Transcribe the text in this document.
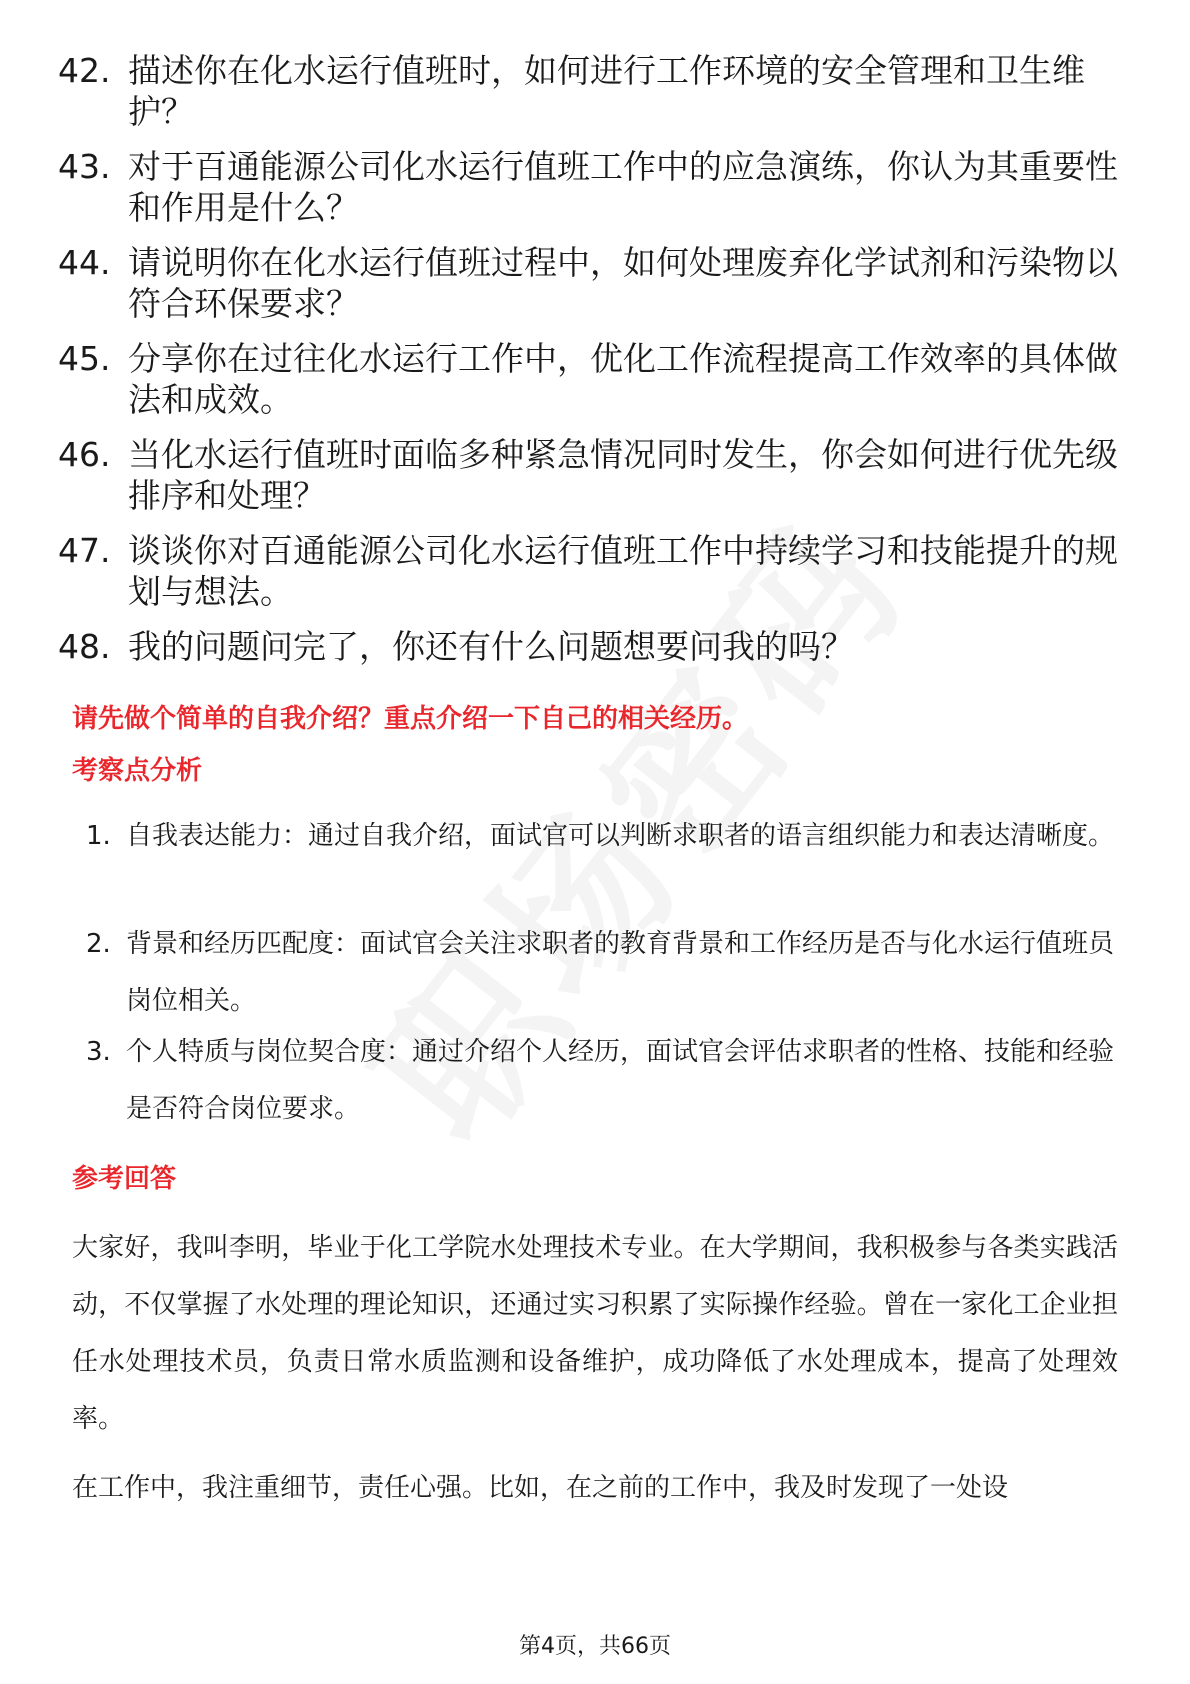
42. 描述你在化水运行值班时，如何进行工作环境的安全管理和卫生维护？
43. 对于百通能源公司化水运行值班工作中的应急演练，你认为其重要性和作用是什么？
44. 请说明你在化水运行值班过程中，如何处理废弃化学试剂和污染物以符合环保要求？
45. 分享你在过往化水运行工作中，优化工作流程提高工作效率的具体做法和成效。
46. 当化水运行值班时面临多种紧急情况同时发生，你会如何进行优先级排序和处理？
47. 谈谈你对百通能源公司化水运行值班工作中持续学习和技能提升的规划与想法。
48. 我的问题问完了，你还有什么问题想要问我的吗？
请先做个简单的自我介绍？重点介绍一下自己的相关经历。
考察点分析
1. 自我表达能力：通过自我介绍，面试官可以判断求职者的语言组织能力和表达清晰度。
2. 背景和经历匹配度：面试官会关注求职者的教育背景和工作经历是否与化水运行值班员岗位相关。
3. 个人特质与岗位契合度：通过介绍个人经历，面试官会评估求职者的性格、技能和经验是否符合岗位要求。
参考回答
大家好，我叫李明，毕业于化工学院水处理技术专业。在大学期间，我积极参与各类实践活动，不仅掌握了水处理的理论知识，还通过实习积累了实际操作经验。曾在一家化工企业担任水处理技术员，负责日常水质监测和设备维护，成功降低了水处理成本，提高了处理效率。
在工作中，我注重细节，责任心强。比如，在之前的工作中，我及时发现了一处设
第4页，共66页
